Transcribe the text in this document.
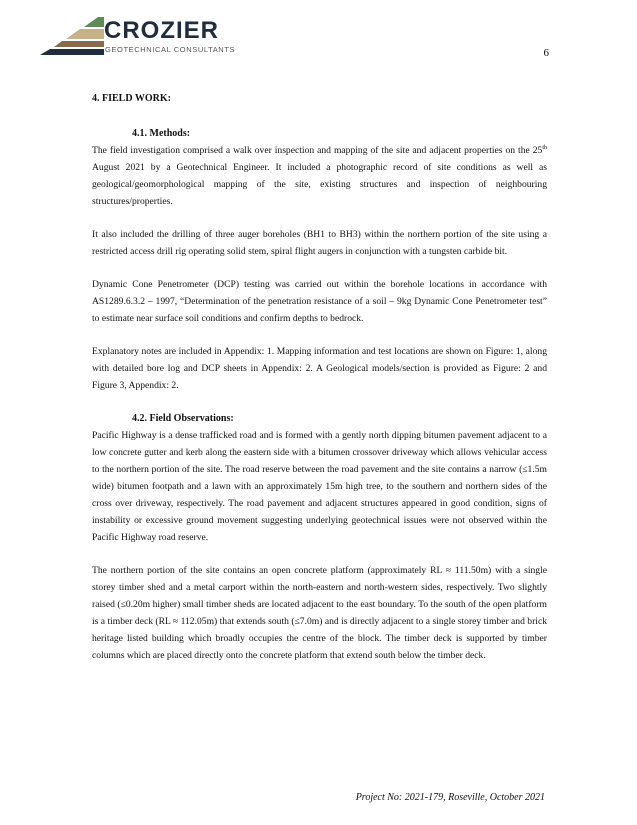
CROZIER
GEOTECHNICAL CONSULTANTS	6
4. FIELD WORK:
4.1. Methods:
The field investigation comprised a walk over inspection and mapping of the site and adjacent properties on the 25th August 2021 by a Geotechnical Engineer. It included a photographic record of site conditions as well as geological/geomorphological mapping of the site, existing structures and inspection of neighbouring structures/properties.
It also included the drilling of three auger boreholes (BH1 to BH3) within the northern portion of the site using a restricted access drill rig operating solid stem, spiral flight augers in conjunction with a tungsten carbide bit.
Dynamic Cone Penetrometer (DCP) testing was carried out within the borehole locations in accordance with AS1289.6.3.2 – 1997, “Determination of the penetration resistance of a soil – 9kg Dynamic Cone Penetrometer test” to estimate near surface soil conditions and confirm depths to bedrock.
Explanatory notes are included in Appendix: 1. Mapping information and test locations are shown on Figure: 1, along with detailed bore log and DCP sheets in Appendix: 2. A Geological models/section is provided as Figure: 2 and Figure 3, Appendix: 2.
4.2. Field Observations:
Pacific Highway is a dense trafficked road and is formed with a gently north dipping bitumen pavement adjacent to a low concrete gutter and kerb along the eastern side with a bitumen crossover driveway which allows vehicular access to the northern portion of the site. The road reserve between the road pavement and the site contains a narrow (≤1.5m wide) bitumen footpath and a lawn with an approximately 15m high tree, to the southern and northern sides of the cross over driveway, respectively. The road pavement and adjacent structures appeared in good condition, signs of instability or excessive ground movement suggesting underlying geotechnical issues were not observed within the Pacific Highway road reserve.
The northern portion of the site contains an open concrete platform (approximately RL ≈ 111.50m) with a single storey timber shed and a metal carport within the north-eastern and north-western sides, respectively. Two slightly raised (≤0.20m higher) small timber sheds are located adjacent to the east boundary. To the south of the open platform is a timber deck (RL ≈ 112.05m) that extends south (≤7.0m) and is directly adjacent to a single storey timber and brick heritage listed building which broadly occupies the centre of the block. The timber deck is supported by timber columns which are placed directly onto the concrete platform that extend south below the timber deck.
Project No: 2021-179, Roseville, October 2021
